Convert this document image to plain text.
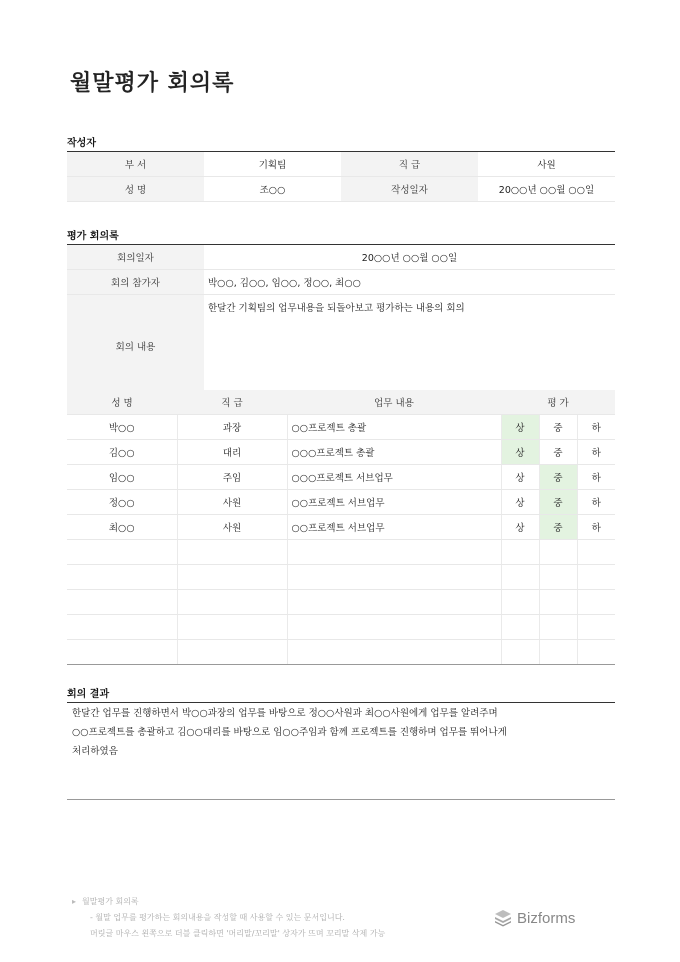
월말평가 회의록
작성자
부 서	기획팀	직 급	사원
성 명	조○○	작성일자	20○○년 ○○월 ○○일
평가 회의록
회의일자	20○○년 ○○월 ○○일
회의 참가자	박○○, 김○○, 임○○, 정○○, 최○○
회의 내용	한달간 기획팀의 업무내용을 되돌아보고 평가하는 내용의 회의
성 명	직 급	업무 내용	평 가		
박○○	과장	○○프로젝트 총괄	상	중	하
김○○	대리	○○○프로젝트 총괄	상	중	하
임○○	주임	○○○프로젝트 서브업무	상	중	하
정○○	사원	○○프로젝트 서브업무	상	중	하
최○○	사원	○○프로젝트 서브업무	상	중	하

회의 결과
한달간 업무를 진행하면서 박○○과장의 업무를 바탕으로 정○○사원과 최○○사원에게 업무를 알려주며
○○프로젝트를 총괄하고 김○○대리를 바탕으로 임○○주임과 함께 프로젝트를 진행하며 업무를 뛰어나게
처리하였음
▸ 월말평가 회의록
- 월말 업무를 평가하는 회의내용을 작성할 때 사용할 수 있는 문서입니다.
머릿글 마우스 왼쪽으로 더블 클릭하면 '머리말/꼬리말' 상자가 뜨며 꼬리말 삭제 가능
Bizforms
